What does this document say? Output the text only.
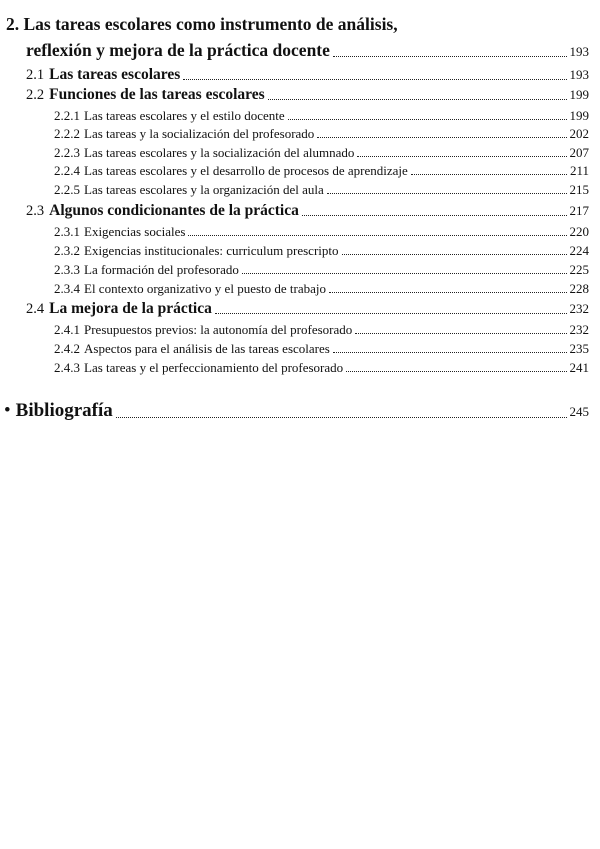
2. Las tareas escolares como instrumento de análisis,
reflexión y mejora de la práctica docente	193
2.1 Las tareas escolares	193
2.2 Funciones de las tareas escolares	199
2.2.1 Las tareas escolares y el estilo docente	199
2.2.2 Las tareas y la socialización del profesorado	202
2.2.3 Las tareas escolares y la socialización del alumnado	207
2.2.4 Las tareas escolares y el desarrollo de procesos de aprendizaje	211
2.2.5 Las tareas escolares y la organización del aula	215
2.3 Algunos condicionantes de la práctica	217
2.3.1 Exigencias sociales	220
2.3.2 Exigencias institucionales: curriculum prescripto	224
2.3.3 La formación del profesorado	225
2.3.4 El contexto organizativo y el puesto de trabajo	228
2.4 La mejora de la práctica	232
2.4.1 Presupuestos previos: la autonomía del profesorado	232
2.4.2 Aspectos para el análisis de las tareas escolares	235
2.4.3 Las tareas y el perfeccionamiento del profesorado	241
• Bibliografía	245
